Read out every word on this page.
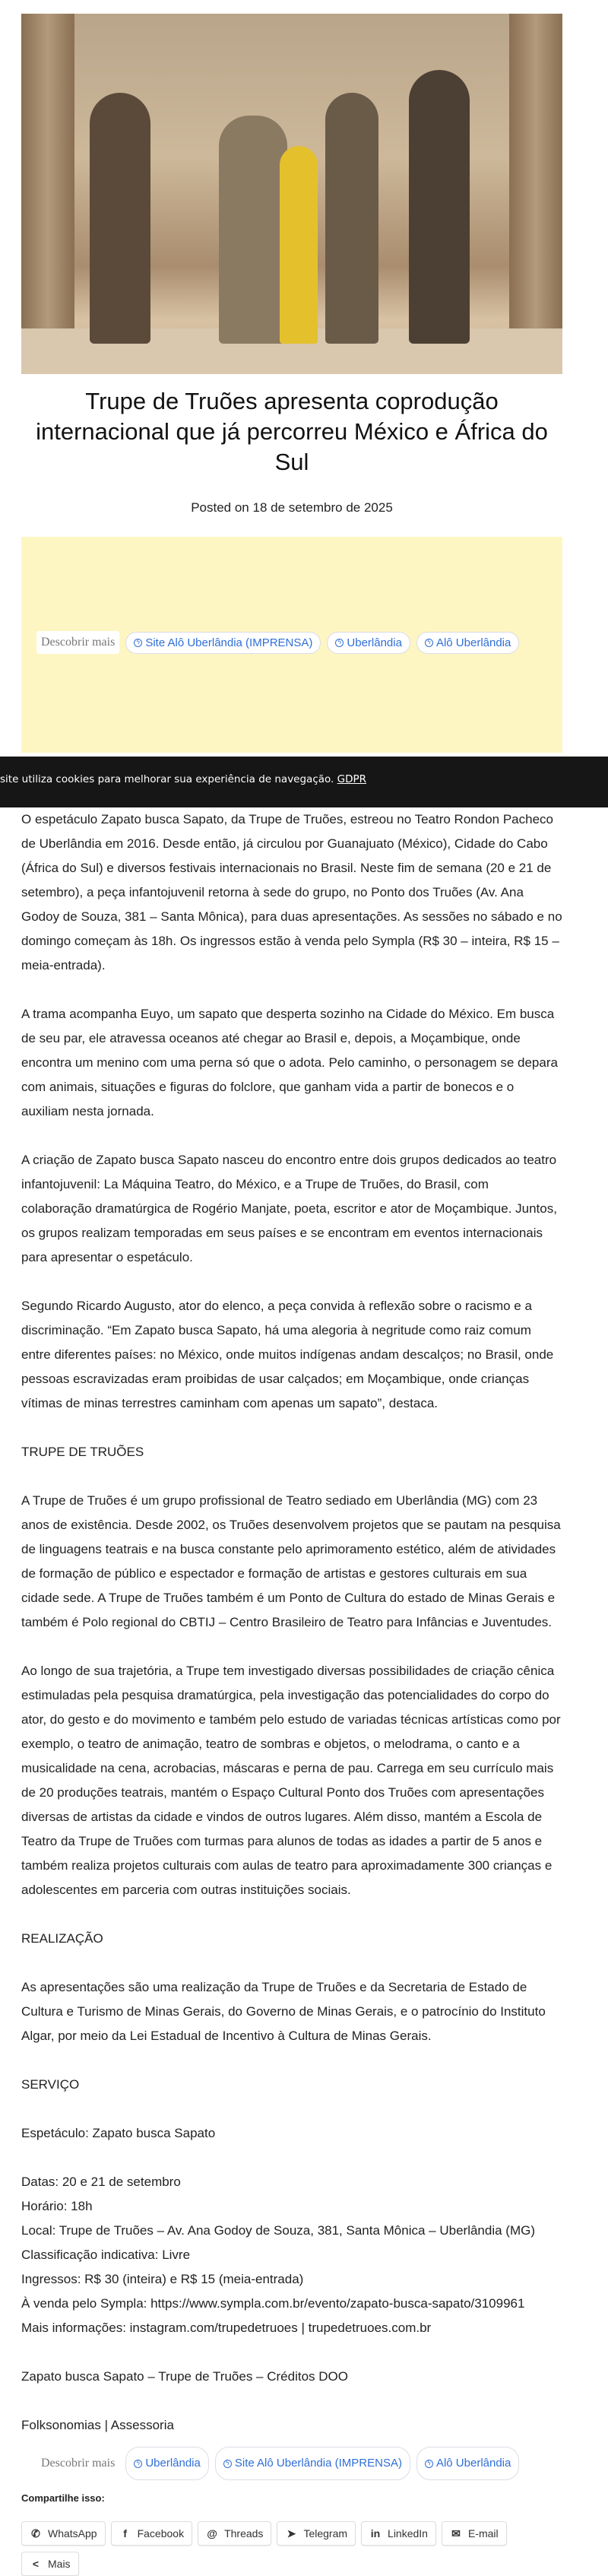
Trupe de Truões apresenta coprodução internacional que já percorreu México e África do Sul
Posted on 18 de setembro de 2025
Descobrir mais	ϟ Site Alô Uberlândia (IMPRENSA)	ϟ Uberlândia	ϟ Alô Uberlândia
site utiliza cookies para melhorar sua experiência de navegação. GDPR

O espetáculo Zapato busca Sapato, da Trupe de Truões, estreou no Teatro Rondon Pacheco de Uberlândia em 2016. Desde então, já circulou por Guanajuato (México), Cidade do Cabo (África do Sul) e diversos festivais internacionais no Brasil. Neste fim de semana (20 e 21 de setembro), a peça infantojuvenil retorna à sede do grupo, no Ponto dos Truões (Av. Ana Godoy de Souza, 381 – Santa Mônica), para duas apresentações. As sessões no sábado e no domingo começam às 18h. Os ingressos estão à venda pelo Sympla (R$ 30 – inteira, R$ 15 – meia-entrada).

A trama acompanha Euyo, um sapato que desperta sozinho na Cidade do México. Em busca de seu par, ele atravessa oceanos até chegar ao Brasil e, depois, a Moçambique, onde encontra um menino com uma perna só que o adota. Pelo caminho, o personagem se depara com animais, situações e figuras do folclore, que ganham vida a partir de bonecos e o auxiliam nesta jornada.

A criação de Zapato busca Sapato nasceu do encontro entre dois grupos dedicados ao teatro infantojuvenil: La Máquina Teatro, do México, e a Trupe de Truões, do Brasil, com colaboração dramatúrgica de Rogério Manjate, poeta, escritor e ator de Moçambique. Juntos, os grupos realizam temporadas em seus países e se encontram em eventos internacionais para apresentar o espetáculo.

Segundo Ricardo Augusto, ator do elenco, a peça convida à reflexão sobre o racismo e a discriminação. “Em Zapato busca Sapato, há uma alegoria à negritude como raiz comum entre diferentes países: no México, onde muitos indígenas andam descalços; no Brasil, onde pessoas escravizadas eram proibidas de usar calçados; em Moçambique, onde crianças vítimas de minas terrestres caminham com apenas um sapato”, destaca.

TRUPE DE TRUÕES

A Trupe de Truões é um grupo profissional de Teatro sediado em Uberlândia (MG) com 23 anos de existência. Desde 2002, os Truões desenvolvem projetos que se pautam na pesquisa de linguagens teatrais e na busca constante pelo aprimoramento estético, além de atividades de formação de público e espectador e formação de artistas e gestores culturais em sua cidade sede. A Trupe de Truões também é um Ponto de Cultura do estado de Minas Gerais e também é Polo regional do CBTIJ – Centro Brasileiro de Teatro para Infâncias e Juventudes.

Ao longo de sua trajetória, a Trupe tem investigado diversas possibilidades de criação cênica estimuladas pela pesquisa dramatúrgica, pela investigação das potencialidades do corpo do ator, do gesto e do movimento e também pelo estudo de variadas técnicas artísticas como por exemplo, o teatro de animação, teatro de sombras e objetos, o melodrama, o canto e a musicalidade na cena, acrobacias, máscaras e perna de pau. Carrega em seu currículo mais de 20 produções teatrais, mantém o Espaço Cultural Ponto dos Truões com apresentações diversas de artistas da cidade e vindos de outros lugares. Além disso, mantém a Escola de Teatro da Trupe de Truões com turmas para alunos de todas as idades a partir de 5 anos e também realiza projetos culturais com aulas de teatro para aproximadamente 300 crianças e adolescentes em parceria com outras instituições sociais.

REALIZAÇÃO

As apresentações são uma realização da Trupe de Truões e da Secretaria de Estado de Cultura e Turismo de Minas Gerais, do Governo de Minas Gerais, e o patrocínio do Instituto Algar, por meio da Lei Estadual de Incentivo à Cultura de Minas Gerais.

SERVIÇO

Espetáculo: Zapato busca Sapato

Datas: 20 e 21 de setembro

Horário: 18h

Local: Trupe de Truões – Av. Ana Godoy de Souza, 381, Santa Mônica – Uberlândia (MG)

Classificação indicativa: Livre

Ingressos: R$ 30 (inteira) e R$ 15 (meia-entrada)

À venda pelo Sympla: https://www.sympla.com.br/evento/zapato-busca-sapato/3109961

Mais informações: instagram.com/trupedetruoes | trupedetruoes.com.br

Zapato busca Sapato – Trupe de Truões – Créditos DOO

Folksonomias | Assessoria

Descobrir mais	ϟ Uberlândia	ϟ Site Alô Uberlândia (IMPRENSA)	ϟ Alô Uberlândia
Compartilhe isso:
✆ WhatsApp	f Facebook @ Threads ➤ Telegram in LinkedIn ✉ E-mail
< Mais
